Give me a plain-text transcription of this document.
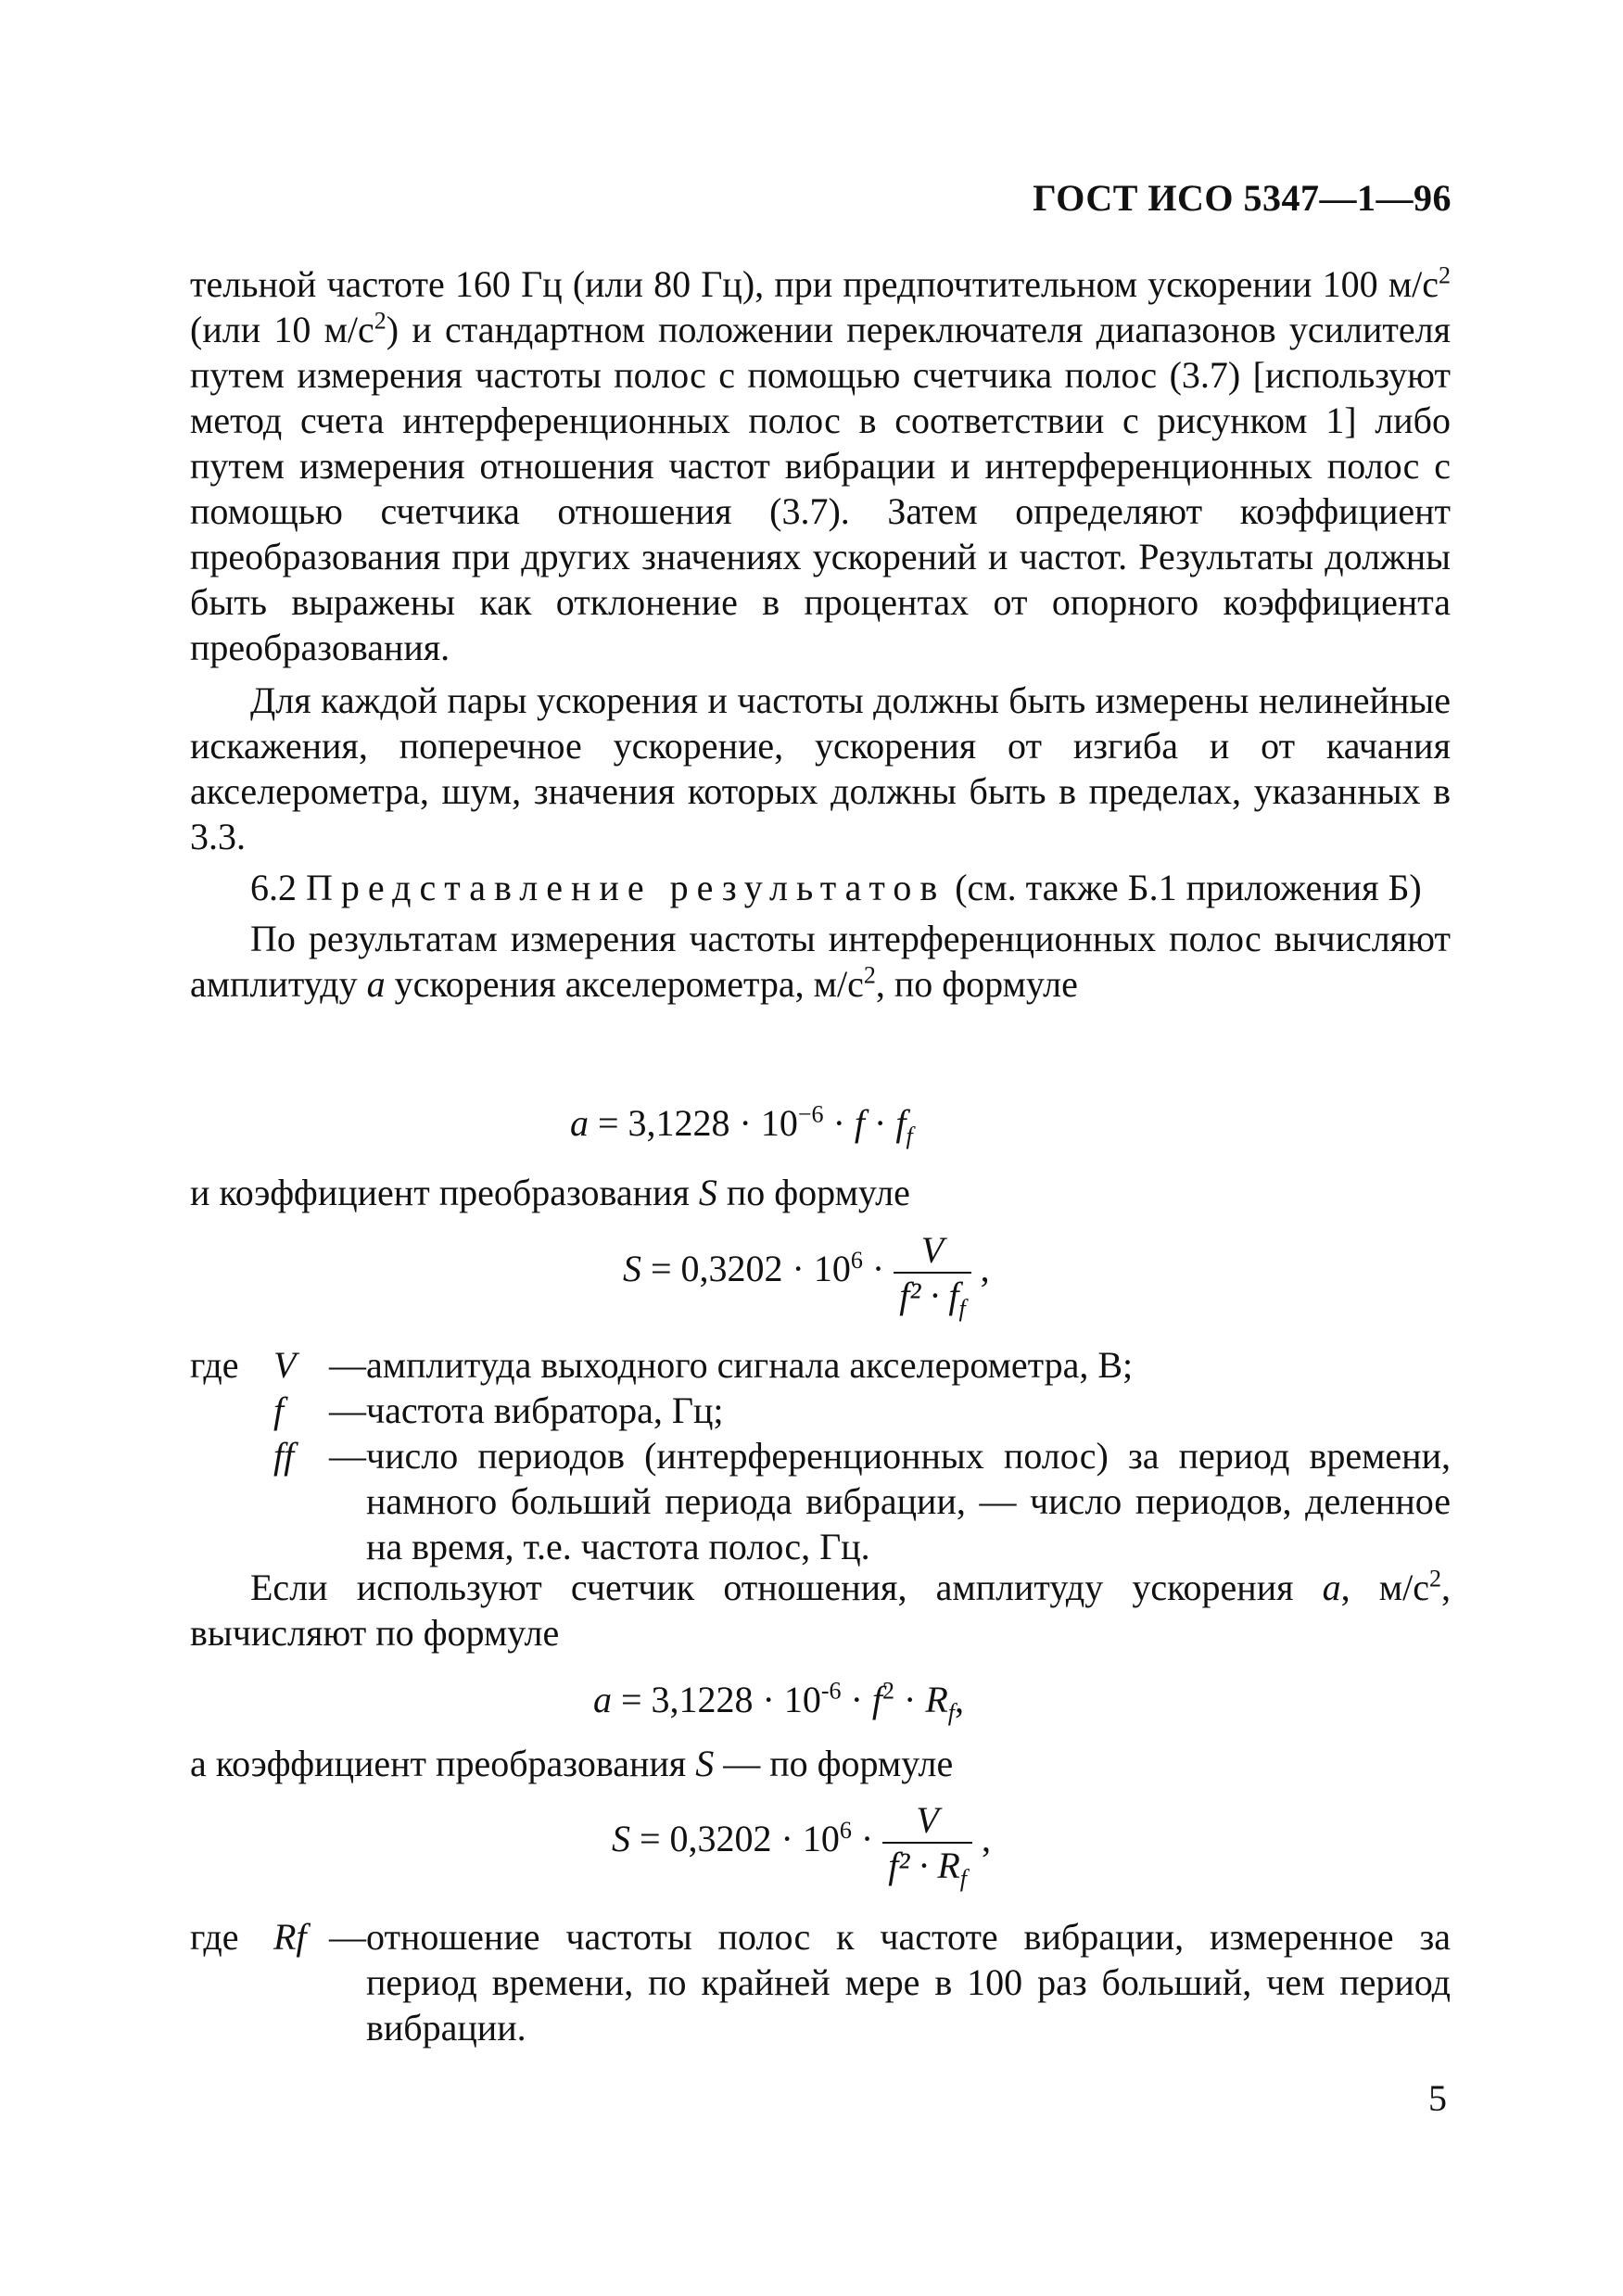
ГОСТ ИСО 5347—1—96

тельной частоте 160 Гц (или 80 Гц), при предпочтительном ускорении 100 $м/с^2$ (или 10 $м/с^2$) и стандартном положении переключателя диапазонов усилителя путем измерения частоты полос с помощью счетчика полос (3.7) [используют метод счета интерференционных полос в соответствии с рисунком 1] либо путем измерения отношения частот вибрации и интерференционных полос с помощью счетчика отношения (3.7). Затем определяют коэффициент преобразования при других значениях ускорений и частот. Результаты должны быть выражены как отклонение в процентах от опорного коэффициента преобразования.

Для каждой пары ускорения и частоты должны быть измерены нелинейные искажения, поперечное ускорение, ускорения от изгиба и от качания акселерометра, шум, значения которых должны быть в пределах, указанных в 3.3.

6.2 Представление результатов (см. также Б.1 приложения Б)

По результатам измерения частоты интерференционных полос вычисляют амплитуду a ускорения акселерометра, $м/с^2$, по формуле

$a = 3,1228 \cdot 10^{-6} \cdot f \cdot f_f$

и коэффициент преобразования S по формуле

$S = 0,3202 \cdot 10^6 \cdot \frac{V}{f^2 \cdot f_f}$ ,
где V — амплитуда выходного сигнала акселерометра, В;
f	— частота вибратора, Гц;
ff — число периодов (интерференционных полос) за период времени, намного больший периода вибрации, — число периодов, деленное на время, т.е. частота полос, Гц.

Если используют счетчик отношения, амплитуду ускорения a, $м/с^2$, вычисляют по формуле

$a = 3,1228 \cdot 10^{-6} \cdot f^2 \cdot R_f$,

а коэффициент преобразования S — по формуле

$S = 0,3202 \cdot 10^6 \cdot \frac{V}{f^2 \cdot R_f}$ ,
где Rf — отношение частоты полос к частоте вибрации, измеренное за период времени, по крайней мере в 100 раз больший, чем период вибрации.
5
